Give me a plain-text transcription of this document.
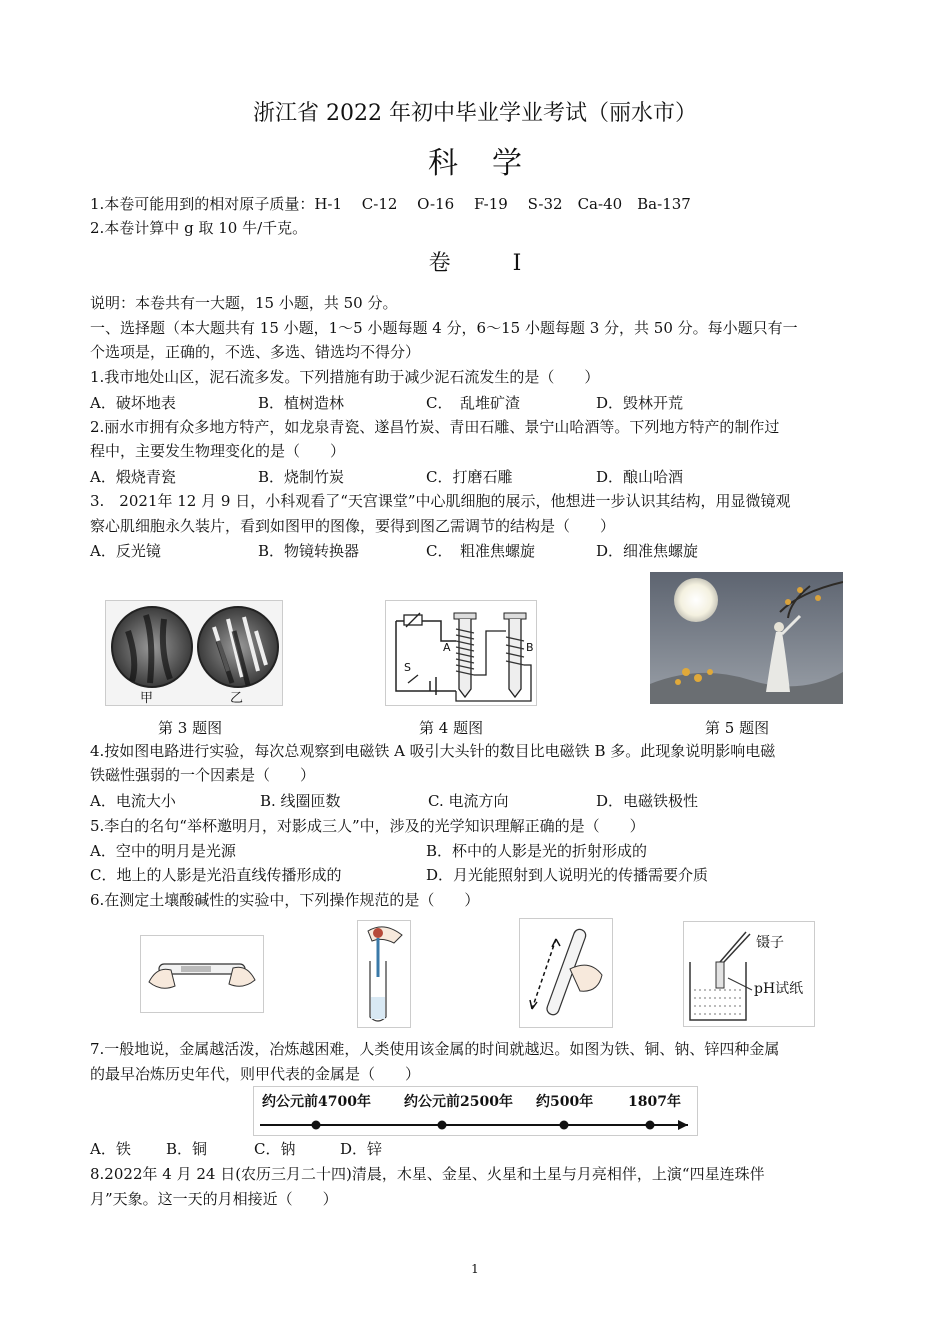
浙江省 2022 年初中毕业学业考试（丽水市）
科学
1.本卷可能用到的相对原子质量：H-1　 C-12　 O-16　 F-19　 S-32　Ca-40　Ba-137
2.本卷计算中 g 取 10 牛/千克。
卷　I
说明：本卷共有一大题，15 小题，共 50 分。
一、选择题（本大题共有 15 小题，1～5 小题每题 4 分，6～15 小题每题 3 分，共 50 分。每小题只有一
个选项是，正确的，不选、多选、错选均不得分）
1.我市地处山区，泥石流多发。下列措施有助于减少泥石流发生的是（　　）
A．破坏地表	B．植树造林	C．　乱堆矿渣	D．毁林开荒
2.丽水市拥有众多地方特产，如龙泉青瓷、遂昌竹炭、青田石雕、景宁山哈酒等。下列地方特产的制作过
程中，主要发生物理变化的是（　　）
A．煅烧青瓷	B．烧制竹炭	C．打磨石雕	D．酿山哈酒
3.　2021年 12 月 9 日，小科观看了“天宫课堂”中心肌细胞的展示，他想进一步认识其结构，用显微镜观
察心肌细胞永久装片，看到如图甲的图像，要得到图乙需调节的结构是（　　）
A．反光镜	B．物镜转换器	C．　粗准焦螺旋	D．细准焦螺旋
甲	乙
A	B
S
第 3 题图	第 4 题图	第 5 题图
4.按如图电路进行实验，每次总观察到电磁铁 A 吸引大头针的数目比电磁铁 B 多。此现象说明影响电磁
铁磁性强弱的一个因素是（　　）
A．电流大小	B. 线圈匝数	C. 电流方向	D．电磁铁极性
5.李白的名句“举杯邀明月，对影成三人”中，涉及的光学知识理解正确的是（　　）
A．空中的明月是光源	B．杯中的人影是光的折射形成的
C．地上的人影是光沿直线传播形成的	D．月光能照射到人说明光的传播需要介质
6.在测定土壤酸碱性的实验中，下列操作规范的是（　　）
镊子
pH试纸
7.一般地说，金属越活泼，冶炼越困难，人类使用该金属的时间就越迟。如图为铁、铜、钠、锌四种金属
的最早冶炼历史年代，则甲代表的金属是（　　）
约公元前4700年 约公元前2500年 约500年 1807年
A．铁 B．铜	C．钠	D．锌
8.2022年 4 月 24 日(农历三月二十四)清晨，木星、金星、火星和土星与月亮相伴，上演“四星连珠伴
月”天象。这一天的月相接近（　　）
1
